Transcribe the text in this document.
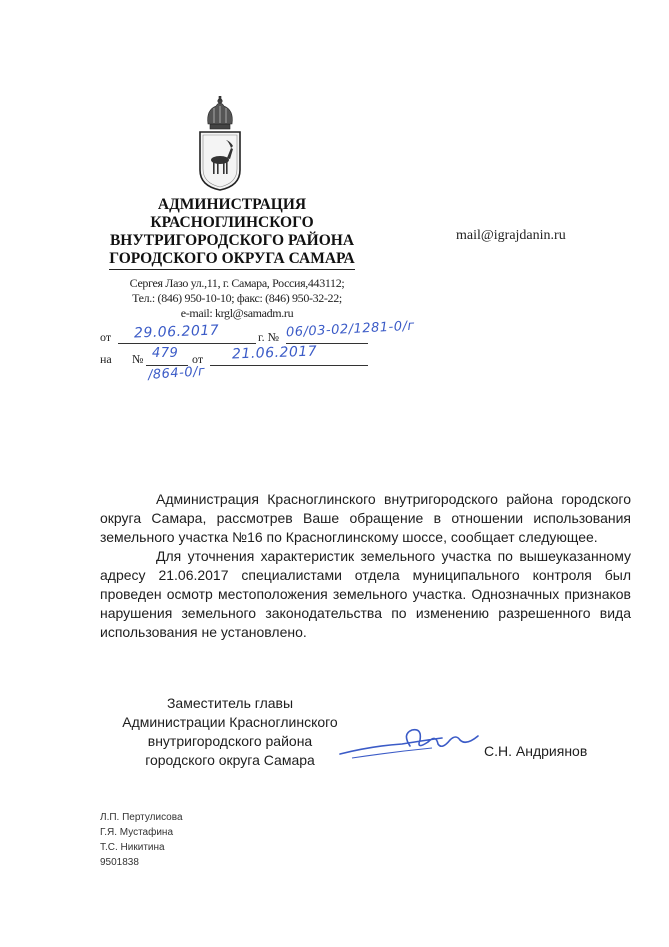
АДМИНИСТРАЦИЯ
КРАСНОГЛИНСКОГО
ВНУТРИГОРОДСКОГО РАЙОНА
ГОРОДСКОГО ОКРУГА САМАРА
mail@igrajdanin.ru
Сергея Лазо ул.,11, г. Самара, Россия,443112;
Тел.: (846) 950-10-10; факс: (846) 950-32-22;
e-mail: krgl@samadm.ru
от 29.06.2017	г. № 06/03-02/1281-0/г
на № 479 от 21.06.2017
/864-0/г

Администрация Красноглинского внутригородского района городского округа Самара, рассмотрев Ваше обращение в отношении использования земельного участка №16 по Красноглинскому шоссе, сообщает следующее.

Для уточнения характеристик земельного участка по вышеуказанному адресу 21.06.2017 специалистами отдела муниципального контроля был проведен осмотр местоположения земельного участка. Однозначных признаков нарушения земельного законодательства по изменению разрешенного вида использования не установлено.

Заместитель главы
Администрации Красноглинского
внутригородского района
городского округа Самара
С.Н. Андриянов
Л.П. Пертулисова
Г.Я. Мустафина
Т.С. Никитина
9501838
